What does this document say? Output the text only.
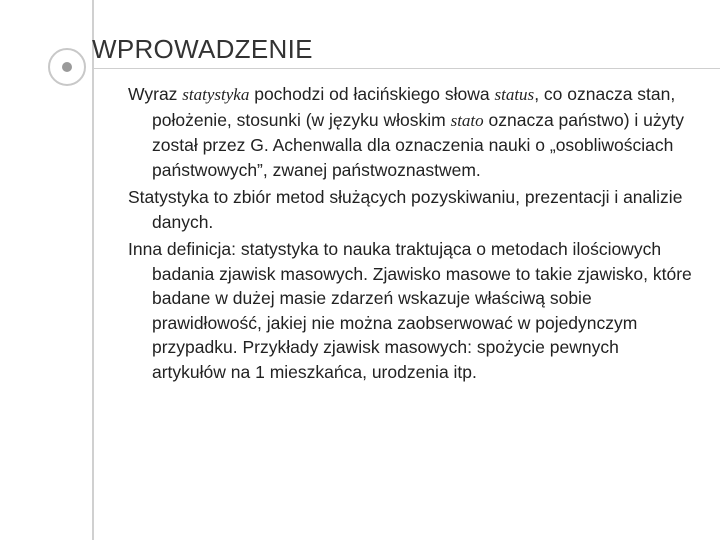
WPROWADZENIE

Wyraz statystyka pochodzi od łacińskiego słowa status, co oznacza stan, położenie, stosunki (w języku włoskim stato oznacza państwo) i użyty został przez G. Achenwalla dla oznaczenia nauki o „osobliwościach państwowych”, zwanej państwoznastwem.

Statystyka to zbiór metod służących pozyskiwaniu, prezentacji i analizie danych.

Inna definicja: statystyka to nauka traktująca o metodach ilościowych badania zjawisk masowych. Zjawisko masowe to takie zjawisko, które badane w dużej masie zdarzeń wskazuje właściwą sobie prawidłowość, jakiej nie można zaobserwować w pojedynczym przypadku. Przykłady zjawisk masowych: spożycie pewnych artykułów na 1 mieszkańca, urodzenia itp.
